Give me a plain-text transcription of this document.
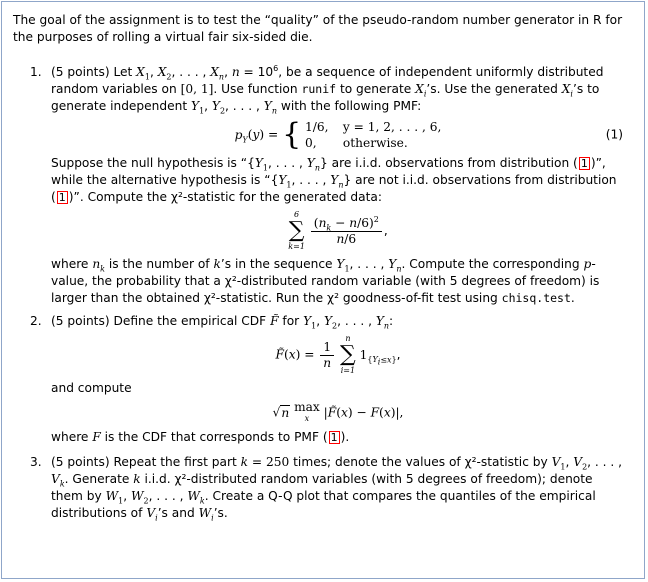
The goal of the assignment is to test the “quality” of the pseudo-random number generator in R for the purposes of rolling a virtual fair six-sided die.

1. (5 points) Let $X_1$, $X_2$, . . . , $X_n$, $n = 10^6$, be a sequence of independent uniformly distributed random variables on [0, 1]. Use function runif to generate $X_i’s$. Use the generated $X_i’s$ to generate independent $Y_1$, $Y_2$, . . . , $Y_n$ with the following PMF:
$p_Y(y)$ = { 1/6, y = 1, 2, . . . , 6,
0, otherwise.
(1)
Suppose the null hypothesis is “{$Y_1$, . . . , $Y_n$} are i.i.d. observations from distribution ( 1 )”, while the alternative hypothesis is “{$Y_1$, . . . , $Y_n$} are not i.i.d. observations from distribution ( 1 )”. Compute the χ²-statistic for the generated data:
6
∑
k=1
$\frac{(n_k - n/6)^2}{n/6}$ ,
where $n_k$ is the number of k’s in the sequence $Y_1$, . . . , $Y_n$. Compute the corresponding p-value, the probability that a χ²-distributed random variable (with 5 degrees of freedom) is larger than the obtained χ²-statistic. Run the χ² goodness-of-fit test using chisq.test.
2. (5 points) Define the empirical CDF F̃ for $Y_1$, $Y_2$, . . . , $Y_n$:
F̃(x) = $\frac{1}{n}$

n
∑
i=1
$1_{\{Y_i\le x\}}$,
and compute
√n max
x |F̃(x) − F(x)|,
where F is the CDF that corresponds to PMF ( 1 ).
3. (5 points) Repeat the first part k = 250 times; denote the values of χ²-statistic by $V_1$, $V_2$, . . . , $V_k$. Generate k i.i.d. χ²-distributed random variables (with 5 degrees of freedom); denote them by $W_1$, $W_2$, . . . , $W_k$. Create a Q-Q plot that compares the quantiles of the empirical distributions of $V_i’s$ and $W_i’s$.
